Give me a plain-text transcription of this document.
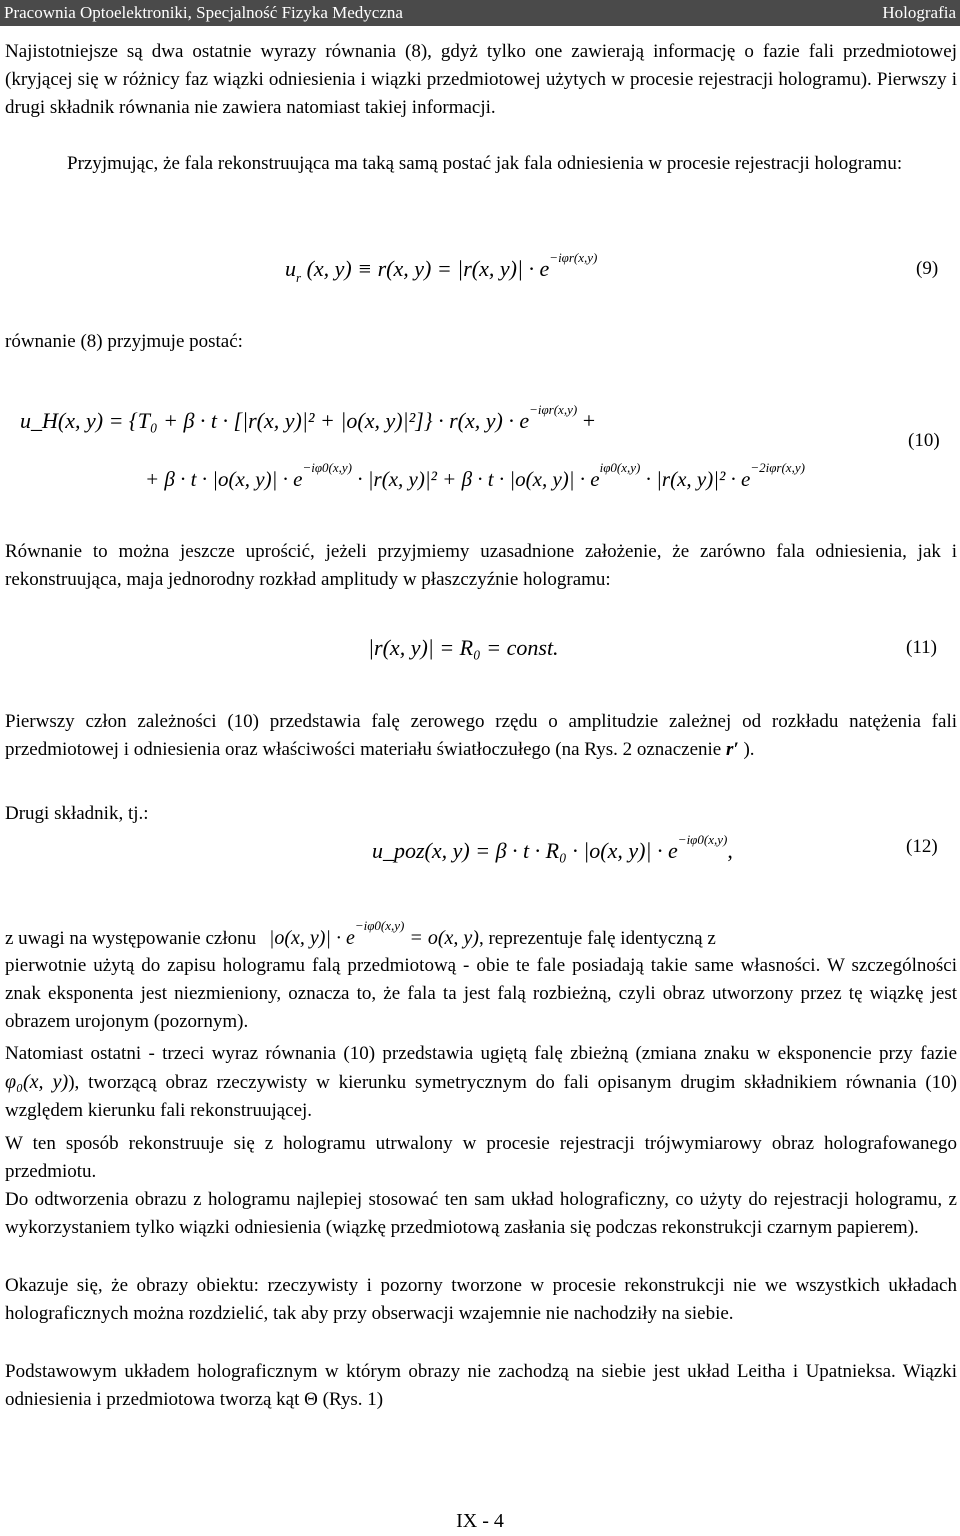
Pracownia Optoelektroniki, Specjalność Fizyka Medyczna	Holografia
Najistotniejsze są dwa ostatnie wyrazy równania (8), gdyż tylko one zawierają informację o fazie fali przedmiotowej (kryjącej się w różnicy faz wiązki odniesienia i wiązki przedmiotowej użytych w procesie rejestracji hologramu). Pierwszy i drugi składnik równania nie zawiera natomiast takiej informacji.
Przyjmując, że fala rekonstruująca ma taką samą postać jak fala odniesienia w procesie rejestracji hologramu:
$u_r$ (x, y) ≡ r(x, y) = |r(x, $y)| \cdot e^{-i\varphi r(x,y)}$
(9)
równanie (8) przyjmuje postać:
u_H(x, y) = {T₀ + β · t · [|r(x, y)|² + |o(x, y)|²]} · r(x, $y) \cdot e^{-i\varphi r(x,y)}$ +
+ β · t · |o(x, $y)| \cdot e^{-i\varphi 0(x,y)} \cdot |r(x$, y)|² + β · t · |o(x, $y)| \cdot e^{i\varphi 0(x,y)} \cdot |r(x$, $y)|^2 \cdot e^{-2i\varphi r(x,y)}$
(10)
Równanie to można jeszcze uprościć, jeżeli przyjmiemy uzasadnione założenie, że zarówno fala odniesienia, jak i rekonstruująca, maja jednorodny rozkład amplitudy w płaszczyźnie hologramu:
|r(x, y)| = R₀ = const.	(11)
Pierwszy człon zależności (10) przedstawia falę zerowego rzędu o amplitudzie zależnej od rozkładu natężenia fali przedmiotowej i odniesienia oraz właściwości materiału światłoczułego (na Rys. 2 oznaczenie r′ ).
Drugi składnik, tj.:
u_poz(x, y) = β · t · R₀ · |o(x, $y)| \cdot e^{-i\varphi 0(x,y)}$,	(12)
z uwagi na występowanie członu |o(x, $y)| \cdot e^{-i\varphi 0(x,y)} = o(x$, y), reprezentuje falę identyczną z
pierwotnie użytą do zapisu hologramu falą przedmiotową - obie te fale posiadają takie same własności. W szczególności znak eksponenta jest niezmieniony, oznacza to, że fala ta jest falą rozbieżną, czyli obraz utworzony przez tę wiązkę jest obrazem urojonym (pozornym).
Natomiast ostatni - trzeci wyraz równania (10) przedstawia ugiętą falę zbieżną (zmiana znaku w eksponencie przy fazie φ₀(x, y)), tworzącą obraz rzeczywisty w kierunku symetrycznym do fali opisanym drugim składnikiem równania (10) względem kierunku fali rekonstruującej.
W ten sposób rekonstruuje się z hologramu utrwalony w procesie rejestracji trójwymiarowy obraz holografowanego przedmiotu.
Do odtworzenia obrazu z hologramu najlepiej stosować ten sam układ holograficzny, co użyty do rejestracji hologramu, z wykorzystaniem tylko wiązki odniesienia (wiązkę przedmiotową zasłania się podczas rekonstrukcji czarnym papierem).
Okazuje się, że obrazy obiektu: rzeczywisty i pozorny tworzone w procesie rekonstrukcji nie we wszystkich układach holograficznych można rozdzielić, tak aby przy obserwacji wzajemnie nie nachodziły na siebie.
Podstawowym układem holograficznym w którym obrazy nie zachodzą na siebie jest układ Leitha i Upatnieksa. Wiązki odniesienia i przedmiotowa tworzą kąt Θ (Rys. 1)
IX - 4
